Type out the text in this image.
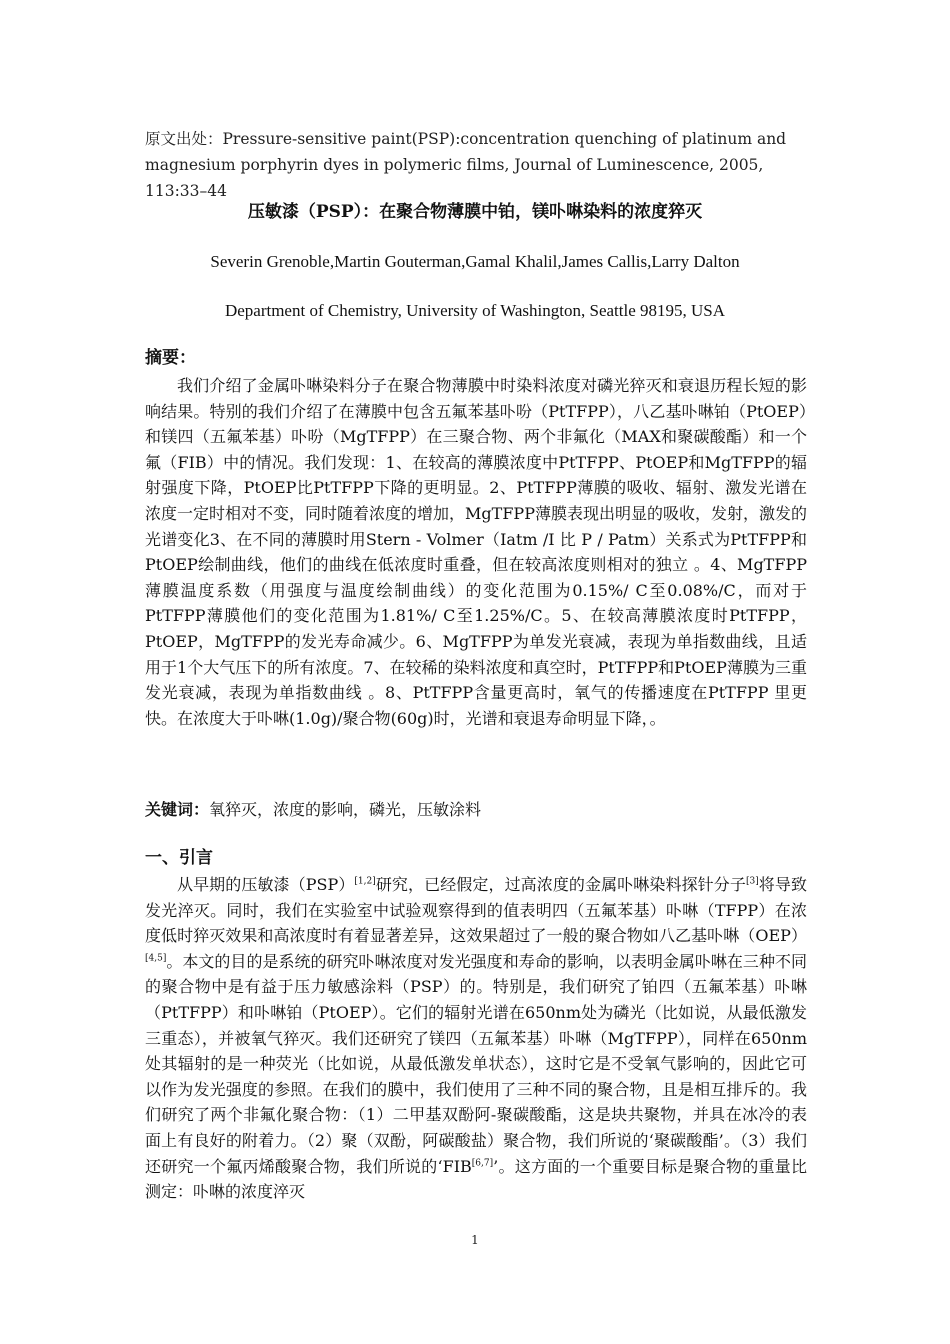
原文出处：Pressure-sensitive paint(PSP):concentration quenching of platinum and magnesium porphyrin dyes in polymeric films, Journal of Luminescence, 2005, 113:33–44
压敏漆（PSP）：在聚合物薄膜中铂，镁卟啉染料的浓度猝灭
Severin Grenoble,Martin Gouterman,Gamal Khalil,James Callis,Larry Dalton
Department of Chemistry, University of Washington, Seattle 98195, USA
摘要：
我们介绍了金属卟啉染料分子在聚合物薄膜中时染料浓度对磷光猝灭和衰退历程长短的影响结果。特别的我们介绍了在薄膜中包含五氟苯基卟吩（PtTFPP），八乙基卟啉铂（PtOEP）和镁四（五氟苯基）卟吩（MgTFPP）在三聚合物、两个非氟化（MAX和聚碳酸酯）和一个氟（FIB）中的情况。我们发现：1、在较高的薄膜浓度中PtTFPP、PtOEP和MgTFPP的辐射强度下降，PtOEP比PtTFPP下降的更明显。2、PtTFPP薄膜的吸收、辐射、激发光谱在浓度一定时相对不变，同时随着浓度的增加，MgTFPP薄膜表现出明显的吸收，发射，激发的光谱变化3、在不同的薄膜时用Stern - Volmer（Iatm /I 比 P / Patm）关系式为PtTFPP和PtOEP绘制曲线，他们的曲线在低浓度时重叠，但在较高浓度则相对的独立 。4、MgTFPP薄膜温度系数（用强度与温度绘制曲线）的变化范围为0.15%/ C至0.08%/C，而对于PtTFPP薄膜他们的变化范围为1.81%/ C至1.25%/C。5、在较高薄膜浓度时PtTFPP，PtOEP，MgTFPP的发光寿命减少。6、MgTFPP为单发光衰减，表现为单指数曲线，且适用于1个大气压下的所有浓度。7、在较稀的染料浓度和真空时，PtTFPP和PtOEP薄膜为三重发光衰减，表现为单指数曲线 。8、PtTFPP含量更高时，氧气的传播速度在PtTFPP 里更快。在浓度大于卟啉(1.0g)/聚合物(60g)时，光谱和衰退寿命明显下降，。
关键词：氧猝灭，浓度的影响，磷光，压敏涂料
一、引言
从早期的压敏漆（PSP）[1,2]研究，已经假定，过高浓度的金属卟啉染料探针分子[3]将导致发光淬灭。同时，我们在实验室中试验观察得到的值表明四（五氟苯基）卟啉（TFPP）在浓度低时猝灭效果和高浓度时有着显著差异，这效果超过了一般的聚合物如八乙基卟啉（OEP）[4,5]。本文的目的是系统的研究卟啉浓度对发光强度和寿命的影响，以表明金属卟啉在三种不同的聚合物中是有益于压力敏感涂料（PSP）的。特别是，我们研究了铂四（五氟苯基）卟啉（PtTFPP）和卟啉铂（PtOEP）。它们的辐射光谱在650nm处为磷光（比如说，从最低激发三重态），并被氧气猝灭。我们还研究了镁四（五氟苯基）卟啉（MgTFPP），同样在650nm处其辐射的是一种荧光（比如说，从最低激发单状态），这时它是不受氧气影响的，因此它可以作为发光强度的参照。在我们的膜中，我们使用了三种不同的聚合物，且是相互排斥的。我们研究了两个非氟化聚合物：（1）二甲基双酚阿-聚碳酸酯，这是块共聚物，并具在冰冷的表面上有良好的附着力。（2）聚（双酚，阿碳酸盐）聚合物，我们所说的‘聚碳酸酯’。（3）我们还研究一个氟丙烯酸聚合物，我们所说的‘FIB[6,7]’。这方面的一个重要目标是聚合物的重量比测定：卟啉的浓度淬灭
1
